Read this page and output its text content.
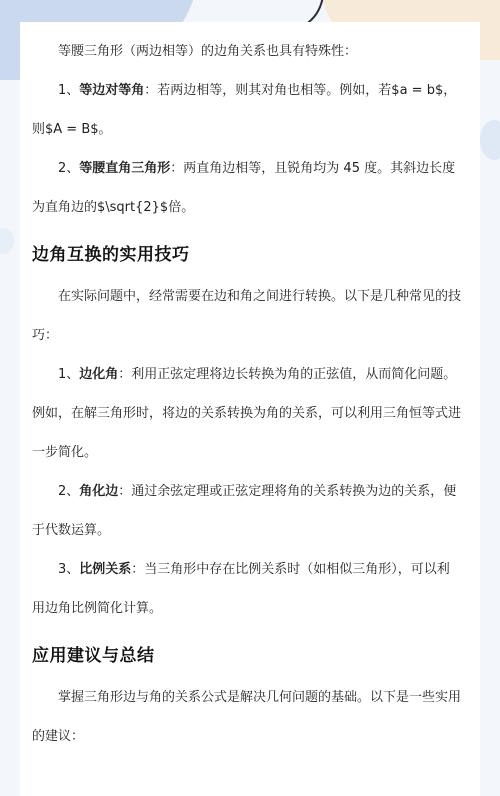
等腰三角形（两边相等）的边角关系也具有特殊性：

1、等边对等角：若两边相等，则其对角也相等。例如，若$a = b$，则$A = B$。

2、等腰直角三角形：两直角边相等，且锐角均为 45 度。其斜边长度为直角边的$\sqrt{2}$倍。

边角互换的实用技巧

在实际问题中，经常需要在边和角之间进行转换。以下是几种常见的技巧：

1、边化角：利用正弦定理将边长转换为角的正弦值，从而简化问题。例如，在解三角形时，将边的关系转换为角的关系，可以利用三角恒等式进一步简化。

2、角化边：通过余弦定理或正弦定理将角的关系转换为边的关系，便于代数运算。

3、比例关系：当三角形中存在比例关系时（如相似三角形），可以利用边角比例简化计算。

应用建议与总结

掌握三角形边与角的关系公式是解决几何问题的基础。以下是一些实用的建议：
